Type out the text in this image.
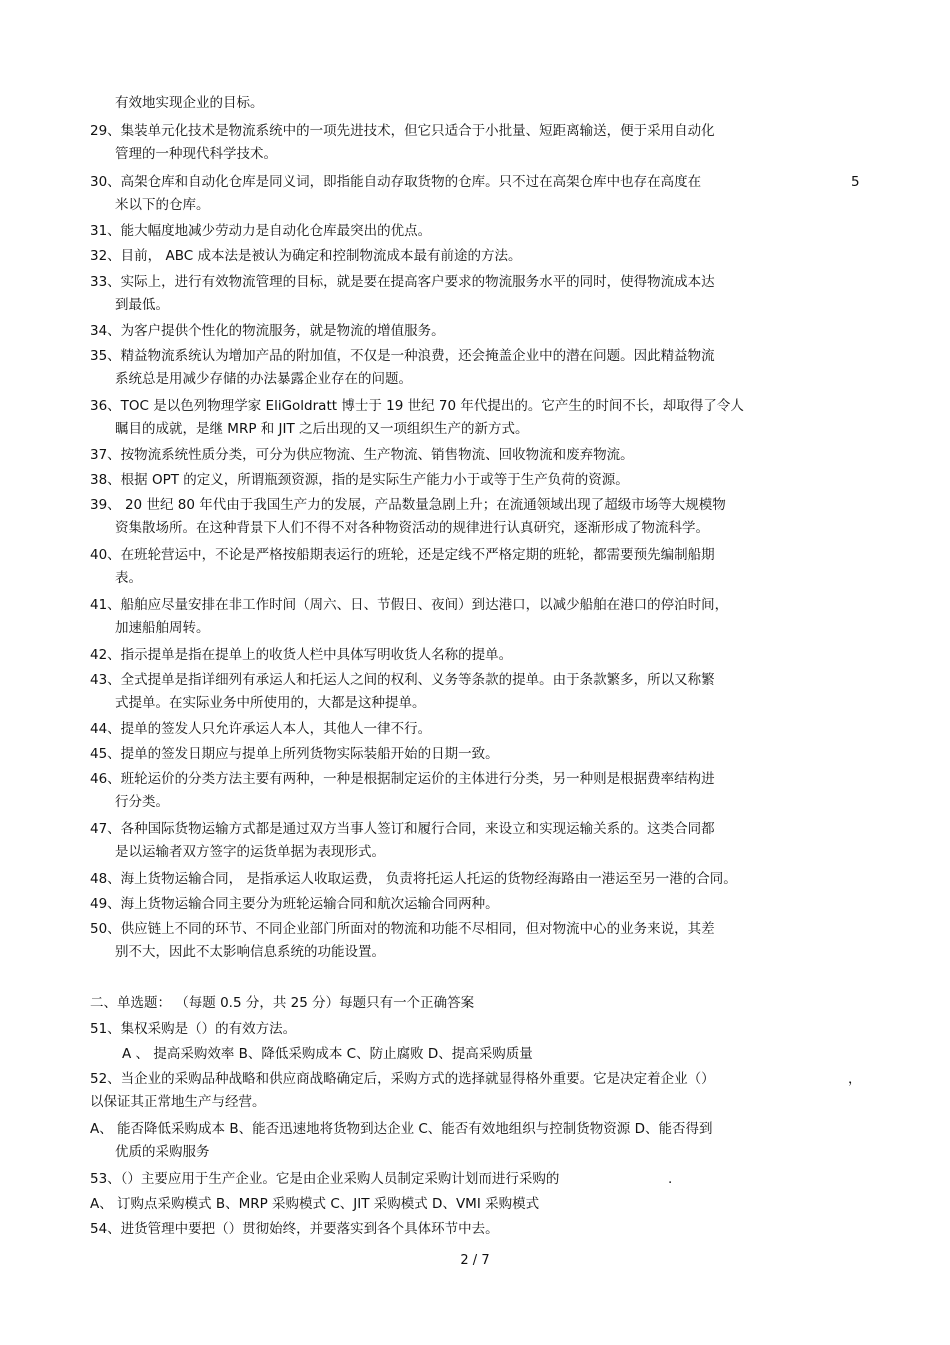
有效地实现企业的目标。
29、集装单元化技术是物流系统中的一项先进技术，但它只适合于小批量、短距离输送，便于采用自动化
管理的一种现代科学技术。
30、高架仓库和自动化仓库是同义词，即指能自动存取货物的仓库。只不过在高架仓库中也存在高度在	5
米以下的仓库。
31、能大幅度地减少劳动力是自动化仓库最突出的优点。
32、目前， ABC 成本法是被认为确定和控制物流成本最有前途的方法。
33、实际上，进行有效物流管理的目标，就是要在提高客户要求的物流服务水平的同时，使得物流成本达
到最低。
34、为客户提供个性化的物流服务，就是物流的增值服务。
35、精益物流系统认为增加产品的附加值，不仅是一种浪费，还会掩盖企业中的潜在问题。因此精益物流
系统总是用减少存储的办法暴露企业存在的问题。
36、TOC 是以色列物理学家 EliGoldratt 博士于 19 世纪 70 年代提出的。它产生的时间不长，却取得了令人
瞩目的成就，是继 MRP 和 JIT 之后出现的又一项组织生产的新方式。
37、按物流系统性质分类，可分为供应物流、生产物流、销售物流、回收物流和废弃物流。
38、根据 OPT 的定义，所谓瓶颈资源，指的是实际生产能力小于或等于生产负荷的资源。
39、 20 世纪 80 年代由于我国生产力的发展，产品数量急剧上升；在流通领域出现了超级市场等大规模物
资集散场所。在这种背景下人们不得不对各种物资活动的规律进行认真研究，逐渐形成了物流科学。
40、在班轮营运中，不论是严格按船期表运行的班轮，还是定线不严格定期的班轮，都需要预先编制船期
表。
41、船舶应尽量安排在非工作时间（周六、日、节假日、夜间）到达港口，以减少船舶在港口的停泊时间，
加速船舶周转。
42、指示提单是指在提单上的收货人栏中具体写明收货人名称的提单。
43、全式提单是指详细列有承运人和托运人之间的权利、义务等条款的提单。由于条款繁多，所以又称繁
式提单。在实际业务中所使用的，大都是这种提单。
44、提单的签发人只允许承运人本人，其他人一律不行。
45、提单的签发日期应与提单上所列货物实际装船开始的日期一致。
46、班轮运价的分类方法主要有两种，一种是根据制定运价的主体进行分类，另一种则是根据费率结构进
行分类。
47、各种国际货物运输方式都是通过双方当事人签订和履行合同，来设立和实现运输关系的。这类合同都
是以运输者双方签字的运货单据为表现形式。
48、海上货物运输合同， 是指承运人收取运费， 负责将托运人托运的货物经海路由一港运至另一港的合同。
49、海上货物运输合同主要分为班轮运输合同和航次运输合同两种。
50、供应链上不同的环节、不同企业部门所面对的物流和功能不尽相同，但对物流中心的业务来说，其差
别不大，因此不太影响信息系统的功能设置。
二、单选题： （每题 0.5 分，共 25 分）每题只有一个正确答案
51、集权采购是（）的有效方法。
A 、 提高采购效率 B、降低采购成本 C、防止腐败 D、提高采购质量
52、当企业的采购品种战略和供应商战略确定后，采购方式的选择就显得格外重要。它是决定着企业（）	，
以保证其正常地生产与经营。
A、 能否降低采购成本 B、能否迅速地将货物到达企业 C、能否有效地组织与控制货物资源 D、能否得到
优质的采购服务
53、（）主要应用于生产企业。它是由企业采购人员制定采购计划而进行采购的	.
A、 订购点采购模式 B、MRP 采购模式 C、JIT 采购模式 D、VMI 采购模式
54、进货管理中要把（）贯彻始终，并要落实到各个具体环节中去。
2 / 7
